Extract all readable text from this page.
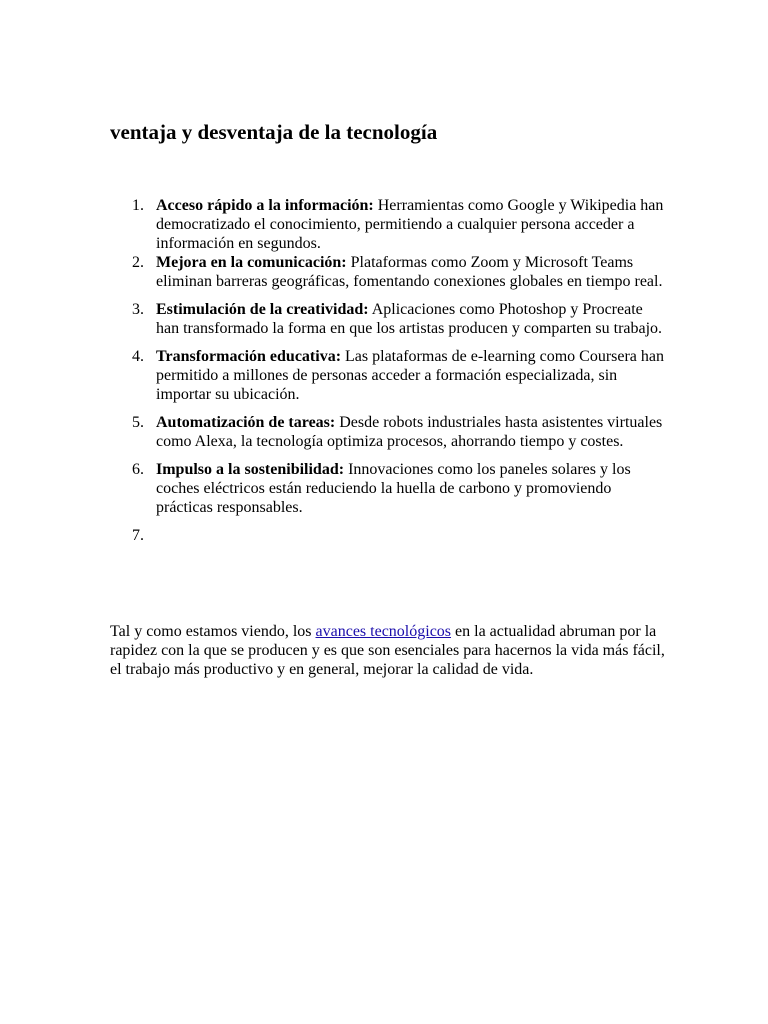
ventaja y desventaja de la tecnología
1. Acceso rápido a la información: Herramientas como Google y Wikipedia han democratizado el conocimiento, permitiendo a cualquier persona acceder a información en segundos.
2. Mejora en la comunicación: Plataformas como Zoom y Microsoft Teams eliminan barreras geográficas, fomentando conexiones globales en tiempo real.
3. Estimulación de la creatividad: Aplicaciones como Photoshop y Procreate han transformado la forma en que los artistas producen y comparten su trabajo.
4. Transformación educativa: Las plataformas de e-learning como Coursera han permitido a millones de personas acceder a formación especializada, sin importar su ubicación.
5. Automatización de tareas: Desde robots industriales hasta asistentes virtuales como Alexa, la tecnología optimiza procesos, ahorrando tiempo y costes.
6. Impulso a la sostenibilidad: Innovaciones como los paneles solares y los coches eléctricos están reduciendo la huella de carbono y promoviendo prácticas responsables.
7.

Tal y como estamos viendo, los avances tecnológicos en la actualidad abruman por la rapidez con la que se producen y es que son esenciales para hacernos la vida más fácil, el trabajo más productivo y en general, mejorar la calidad de vida.
